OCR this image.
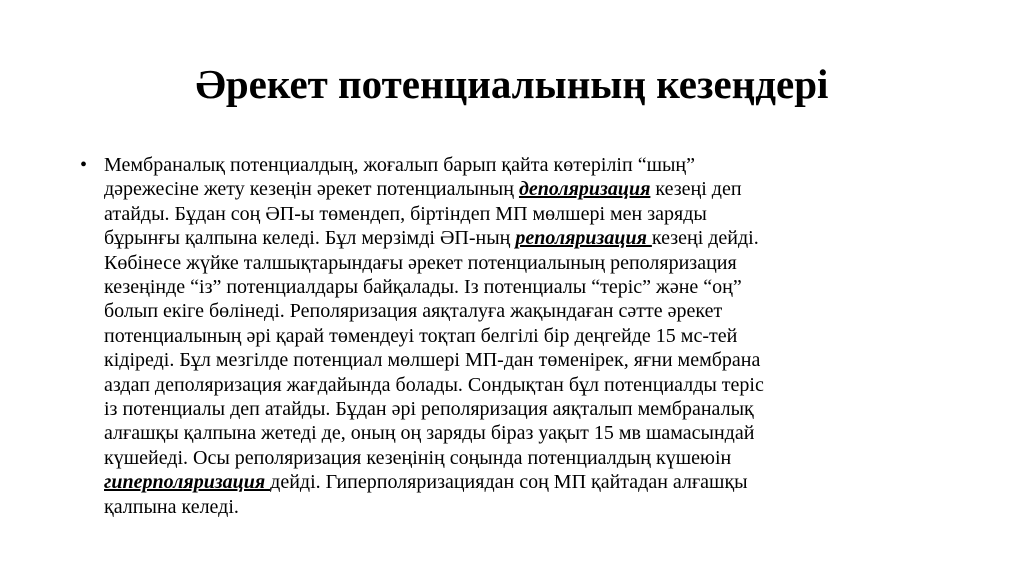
Әрекет потенциалының кезеңдері
• Мембраналық потенциалдың, жоғалып барып қайта көтеріліп “шың”
дәрежесіне жету кезеңін әрекет потенциалының деполяризация кезеңі деп
атайды. Бұдан соң ӘП-ы төмендеп, біртіндеп МП мөлшері мен заряды
бұрынғы қалпына келеді. Бұл мерзімді ӘП-ның реполяризация кезеңі дейді.
Көбінесе жүйке талшықтарындағы әрекет потенциалының реполяризация
кезеңінде “із” потенциалдары байқалады. Із потенциалы “теріс” және “оң”
болып екіге бөлінеді. Реполяризация аяқталуға жақындаған сәтте әрекет
потенциалының әрі қарай төмендеуі тоқтап белгілі бір деңгейде 15 мс-тей
кідіреді. Бұл мезгілде потенциал мөлшері МП-дан төменірек, яғни мембрана
аздап деполяризация жағдайында болады. Сондықтан бұл потенциалды теріс
із потенциалы деп атайды. Бұдан әрі реполяризация аяқталып мембраналық
алғашқы қалпына жетеді де, оның оң заряды біраз уақыт 15 мв шамасындай
күшейеді. Осы реполяризация кезеңінің соңында потенциалдың күшеюін
гиперполяризация дейді. Гиперполяризациядан соң МП қайтадан алғашқы
қалпына келеді.
